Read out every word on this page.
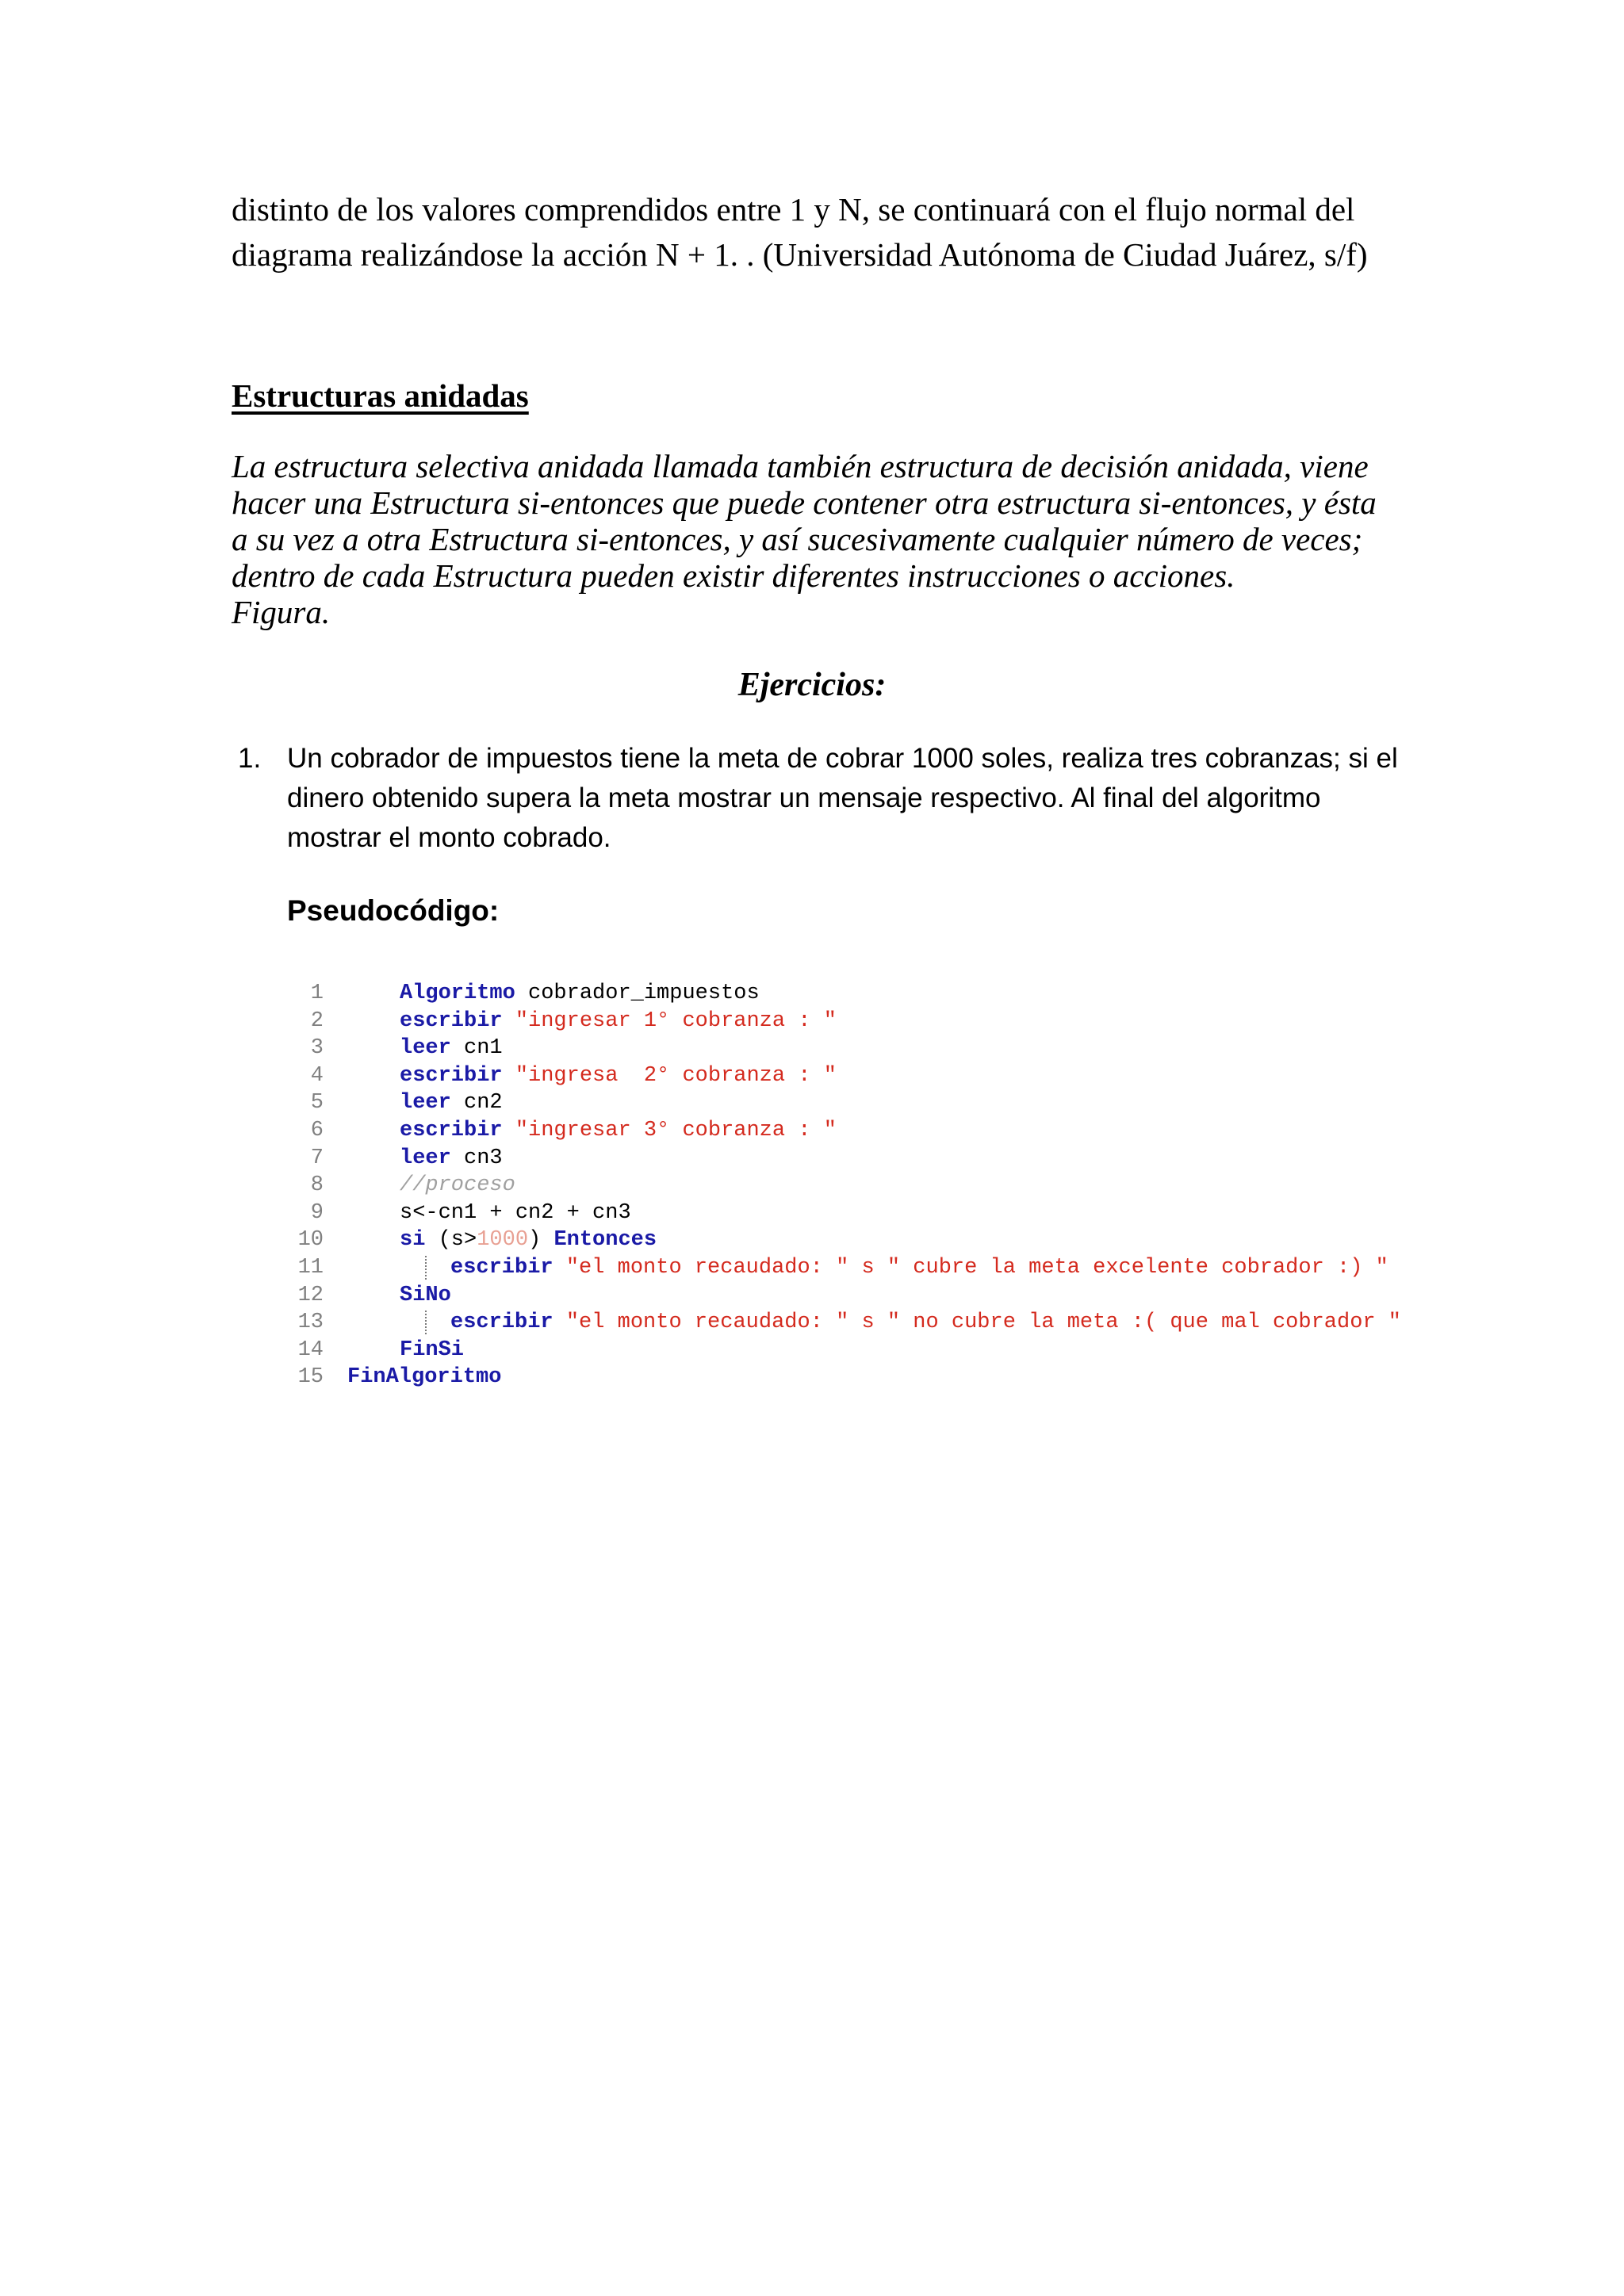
distinto de los valores comprendidos entre 1 y N, se continuará con el flujo normal del
diagrama realizándose la acción N + 1. . (Universidad Autónoma de Ciudad Juárez, s/f)
Estructuras anidadas
La estructura selectiva anidada llamada también estructura de decisión anidada, viene
hacer una Estructura si-entonces que puede contener otra estructura si-entonces, y ésta
a su vez a otra Estructura si-entonces, y así sucesivamente cualquier número de veces;
dentro de cada Estructura pueden existir diferentes instrucciones o acciones.
Figura.
Ejercicios:
1. Un cobrador de impuestos tiene la meta de cobrar 1000 soles, realiza tres cobranzas; si el
dinero obtenido supera la meta mostrar un mensaje respectivo. Al final del algoritmo
mostrar el monto cobrado.
Pseudocódigo:
1	Algoritmo cobrador_impuestos
2	escribir "ingresar 1° cobranza : "
3	leer cn1
4	escribir "ingresa  2° cobranza : "
5	leer cn2
6	escribir "ingresar 3° cobranza : "
7	leer cn3
8	//proceso
9	s<-cn1 + cn2 + cn3
10	si (s>1000) Entonces
11	escribir "el monto recaudado: " s " cubre la meta excelente cobrador :) "
12	SiNo
13	escribir "el monto recaudado: " s " no cubre la meta :( que mal cobrador "
14	FinSi
15 FinAlgoritmo
